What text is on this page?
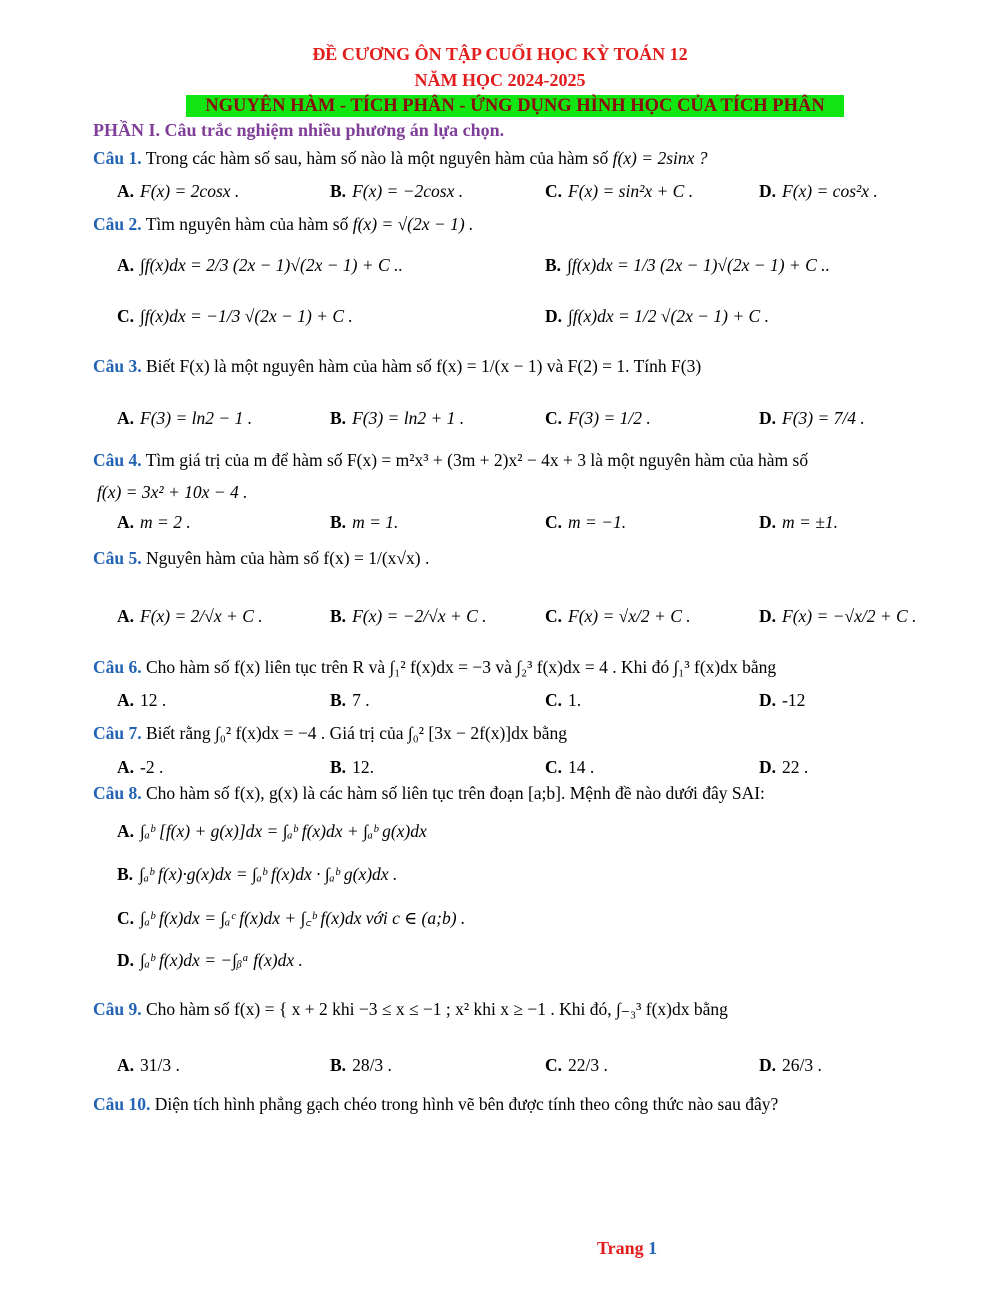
ĐỀ CƯƠNG ÔN TẬP CUỐI HỌC KỲ TOÁN 12
NĂM HỌC 2024-2025
NGUYÊN HÀM - TÍCH PHÂN - ỨNG DỤNG HÌNH HỌC CỦA TÍCH PHÂN
PHẦN I. Câu trắc nghiệm nhiều phương án lựa chọn.
Câu 1. Trong các hàm số sau, hàm số nào là một nguyên hàm của hàm số f(x) = 2sinx ?
A. F(x) = 2cosx .	B. F(x) = −2cosx .	C. F(x) = sin²x + C .	D. F(x) = cos²x .
Câu 2. Tìm nguyên hàm của hàm số f(x) = √(2x − 1) .
A. ∫f(x)dx = 2/3 (2x − 1)√(2x − 1) + C ..	B. ∫f(x)dx = 1/3 (2x − 1)√(2x − 1) + C ..
C. ∫f(x)dx = −1/3 √(2x − 1) + C .	D. ∫f(x)dx = 1/2 √(2x − 1) + C .
Câu 3. Biết F(x) là một nguyên hàm của hàm số f(x) = 1/(x − 1) và F(2) = 1. Tính F(3)
A. F(3) = ln2 − 1 .	B. F(3) = ln2 + 1 .	C. F(3) = 1/2 .	D. F(3) = 7/4 .
Câu 4. Tìm giá trị của m để hàm số F(x) = m²x³ + (3m + 2)x² − 4x + 3 là một nguyên hàm của hàm số
f(x) = 3x² + 10x − 4 .
A. m = 2 .	B. m = 1.	C. m = −1.	D. m = ±1.
Câu 5. Nguyên hàm của hàm số f(x) = 1/(x√x) .
A. F(x) = 2/√x + C .	B. F(x) = −2/√x + C .	C. F(x) = √x/2 + C .	D. F(x) = −√x/2 + C .
Câu 6. Cho hàm số f(x) liên tục trên R và ∫₁² f(x)dx = −3 và ∫₂³ f(x)dx = 4 . Khi đó ∫₁³ f(x)dx bằng
A. 12 .	B. 7 .	C. 1.	D. -12
Câu 7. Biết rằng ∫₀² f(x)dx = −4 . Giá trị của ∫₀² [3x − 2f(x)]dx bằng
A. -2 .	B. 12.	C. 14 .	D. 22 .
Câu 8. Cho hàm số f(x), g(x) là các hàm số liên tục trên đoạn [a;b]. Mệnh đề nào dưới đây SAI:
A. ∫ₐᵇ [f(x) + g(x)]dx = ∫ₐᵇ f(x)dx + ∫ₐᵇ g(x)dx
B. ∫ₐᵇ f(x)·g(x)dx = ∫ₐᵇ f(x)dx · ∫ₐᵇ g(x)dx .
C. ∫ₐᵇ f(x)dx = ∫ₐᶜ f(x)dx + ∫꜀ᵇ f(x)dx với c ∈ (a;b) .
D. ∫ₐᵇ f(x)dx = −∫ᵦᵃ f(x)dx .
Câu 9. Cho hàm số f(x) = { x + 2 khi −3 ≤ x ≤ −1 ; x² khi x ≥ −1 . Khi đó, ∫₋₃³ f(x)dx bằng
A. 31/3 .	B. 28/3 .	C. 22/3 .	D. 26/3 .
Câu 10. Diện tích hình phẳng gạch chéo trong hình vẽ bên được tính theo công thức nào sau đây?
Trang 1
